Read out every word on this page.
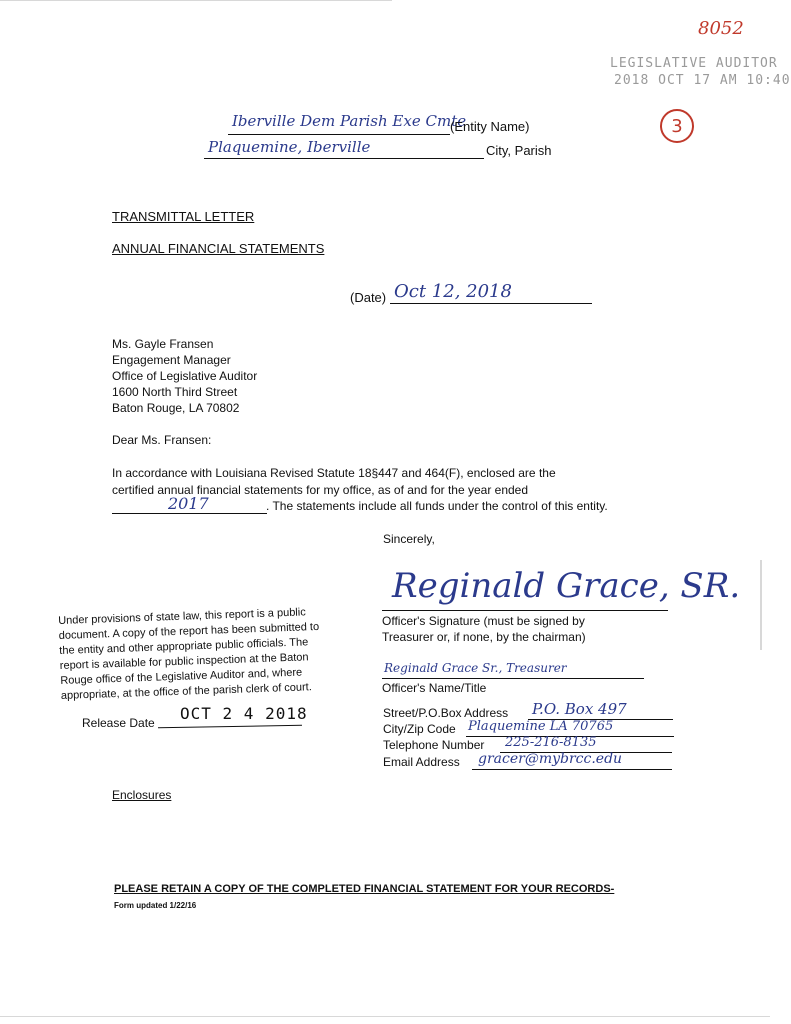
8052
3
LEGISLATIVE AUDITOR
2018 OCT 17 AM 10:40
Iberville Dem Parish Exe Cmte
(Entity Name)
Plaquemine, Iberville	City, Parish
TRANSMITTAL LETTER
ANNUAL FINANCIAL STATEMENTS
(Date) Oct 12, 2018
Ms. Gayle Fransen
Engagement Manager
Office of Legislative Auditor
1600 North Third Street
Baton Rouge, LA 70802
Dear Ms. Fransen:
In accordance with Louisiana Revised Statute 18§447 and 464(F), enclosed are the
certified annual financial statements for my office, as of and for the year ended
2017	. The statements include all funds under the control of this entity.
Sincerely,
Reginald Grace, SR.
Officer's Signature (must be signed by
Treasurer or, if none, by the chairman)
Reginald Grace Sr., Treasurer
Officer's Name/Title
Street/P.O.Box Address P.O. Box 497
City/Zip Code Plaquemine LA 70765
Telephone Number 225-216-8135
Email Address gracer@mybrcc.edu
Under provisions of state law, this report is a public
document. A copy of the report has been submitted to
the entity and other appropriate public officials. The
report is available for public inspection at the Baton
Rouge office of the Legislative Auditor and, where
appropriate, at the office of the parish clerk of court.
Release Date OCT 2 4 2018
Enclosures
PLEASE RETAIN A COPY OF THE COMPLETED FINANCIAL STATEMENT FOR YOUR RECORDS-
Form updated 1/22/16
